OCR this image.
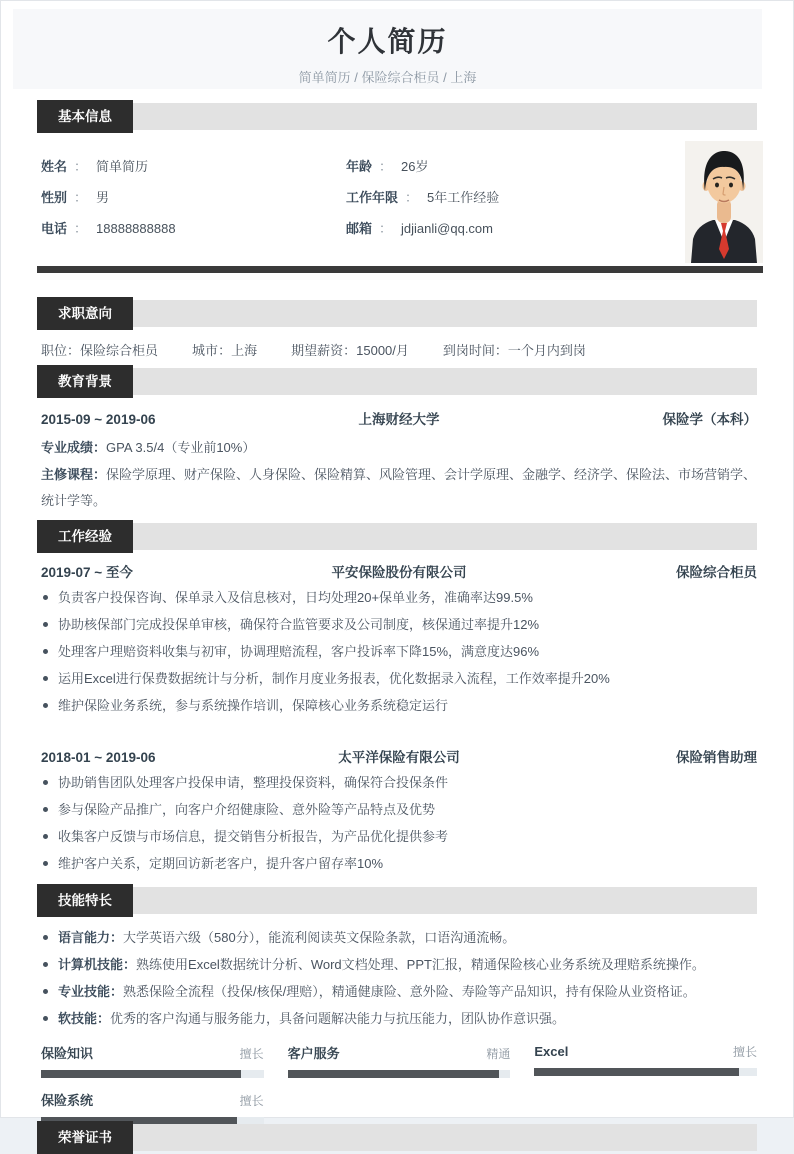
个人简历
简单简历 / 保险综合柜员 / 上海
基本信息
姓名 ： 简单简历	年龄 ： 26岁
性别 ： 男	工作年限 ： 5年工作经验
电话 ： 18888888888	邮箱 ： jdjianli@qq.com
求职意向
职位：保险综合柜员	城市：上海	期望薪资：15000/月	到岗时间：一个月内到岗
教育背景
2015-09 ~ 2019-06	上海财经大学	保险学（本科）
专业成绩：GPA 3.5/4（专业前10%）
主修课程：保险学原理、财产保险、人身保险、保险精算、风险管理、会计学原理、金融学、经济学、保险法、市场营销学、统计学等。
工作经验
2019-07 ~ 至今	平安保险股份有限公司	保险综合柜员
负责客户投保咨询、保单录入及信息核对，日均处理20+保单业务，准确率达99.5%
协助核保部门完成投保单审核，确保符合监管要求及公司制度，核保通过率提升12%
处理客户理赔资料收集与初审，协调理赔流程，客户投诉率下降15%，满意度达96%
运用Excel进行保费数据统计与分析，制作月度业务报表，优化数据录入流程，工作效率提升20%
维护保险业务系统，参与系统操作培训，保障核心业务系统稳定运行
2018-01 ~ 2019-06	太平洋保险有限公司	保险销售助理
协助销售团队处理客户投保申请，整理投保资料，确保符合投保条件
参与保险产品推广，向客户介绍健康险、意外险等产品特点及优势
收集客户反馈与市场信息，提交销售分析报告，为产品优化提供参考
维护客户关系，定期回访新老客户，提升客户留存率10%
技能特长
语言能力：大学英语六级（580分），能流利阅读英文保险条款，口语沟通流畅。
计算机技能：熟练使用Excel数据统计分析、Word文档处理、PPT汇报，精通保险核心业务系统及理赔系统操作。
专业技能：熟悉保险全流程（投保/核保/理赔），精通健康险、意外险、寿险等产品知识，持有保险从业资格证。
软技能：优秀的客户沟通与服务能力，具备问题解决能力与抗压能力，团队协作意识强。
保险知识	擅长 客户服务	精通 Excel	擅长
保险系统	擅长
荣誉证书
